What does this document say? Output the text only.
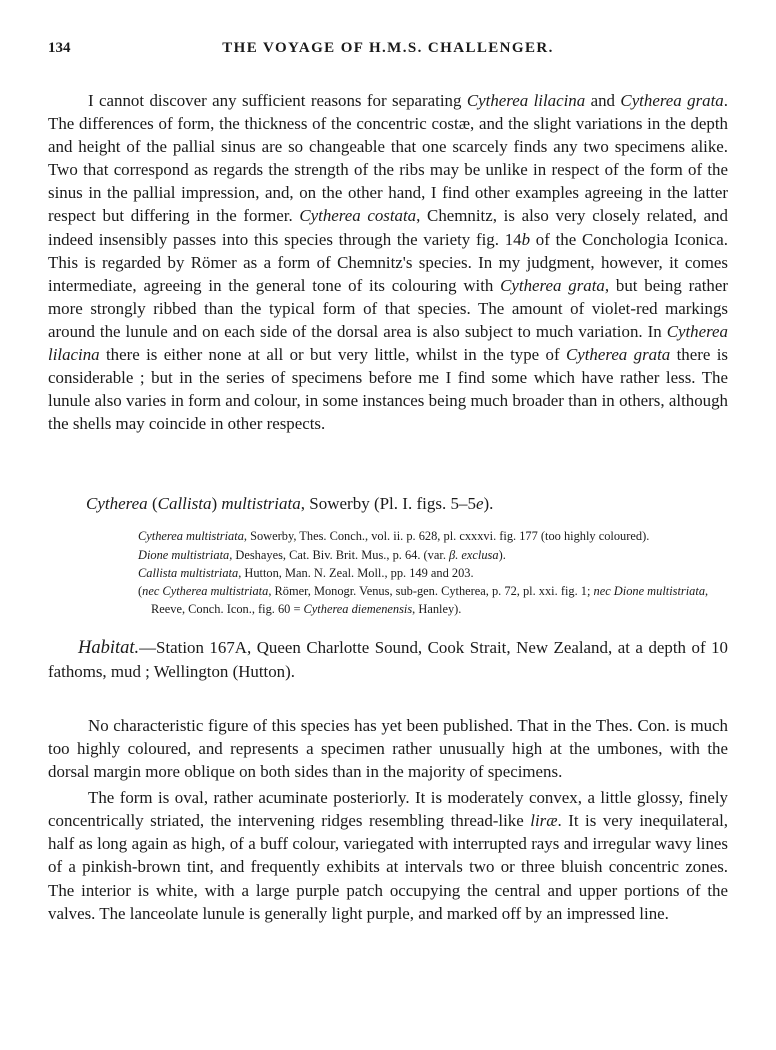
134	THE VOYAGE OF H.M.S. CHALLENGER.

I cannot discover any sufficient reasons for separating Cytherea lilacina and Cytherea grata. The differences of form, the thickness of the concentric costæ, and the slight variations in the depth and height of the pallial sinus are so changeable that one scarcely finds any two specimens alike. Two that correspond as regards the strength of the ribs may be unlike in respect of the form of the sinus in the pallial impression, and, on the other hand, I find other examples agreeing in the latter respect but differing in the former. Cytherea costata, Chemnitz, is also very closely related, and indeed insensibly passes into this species through the variety fig. 14b of the Conchologia Iconica. This is regarded by Römer as a form of Chemnitz's species. In my judgment, however, it comes intermediate, agreeing in the general tone of its colouring with Cytherea grata, but being rather more strongly ribbed than the typical form of that species. The amount of violet-red markings around the lunule and on each side of the dorsal area is also subject to much variation. In Cytherea lilacina there is either none at all or but very little, whilst in the type of Cytherea grata there is considerable ; but in the series of specimens before me I find some which have rather less. The lunule also varies in form and colour, in some instances being much broader than in others, although the shells may coincide in other respects.

Cytherea (Callista) multistriata, Sowerby (Pl. I. figs. 5–5e).
Cytherea multistriata, Sowerby, Thes. Conch., vol. ii. p. 628, pl. cxxxvi. fig. 177 (too highly coloured).
Dione multistriata, Deshayes, Cat. Biv. Brit. Mus., p. 64. (var. β. exclusa).
Callista multistriata, Hutton, Man. N. Zeal. Moll., pp. 149 and 203.
(nec Cytherea multistriata, Römer, Monogr. Venus, sub-gen. Cytherea, p. 72, pl. xxi. fig. 1; nec Dione multistriata, Reeve, Conch. Icon., fig. 60 = Cytherea diemenensis, Hanley).

Habitat.—Station 167A, Queen Charlotte Sound, Cook Strait, New Zealand, at a depth of 10 fathoms, mud ; Wellington (Hutton).

No characteristic figure of this species has yet been published. That in the Thes. Con. is much too highly coloured, and represents a specimen rather unusually high at the umbones, with the dorsal margin more oblique on both sides than in the majority of specimens.

The form is oval, rather acuminate posteriorly. It is moderately convex, a little glossy, finely concentrically striated, the intervening ridges resembling thread-like liræ. It is very inequilateral, half as long again as high, of a buff colour, variegated with interrupted rays and irregular wavy lines of a pinkish-brown tint, and frequently exhibits at intervals two or three bluish concentric zones. The interior is white, with a large purple patch occupying the central and upper portions of the valves. The lanceolate lunule is generally light purple, and marked off by an impressed line.
